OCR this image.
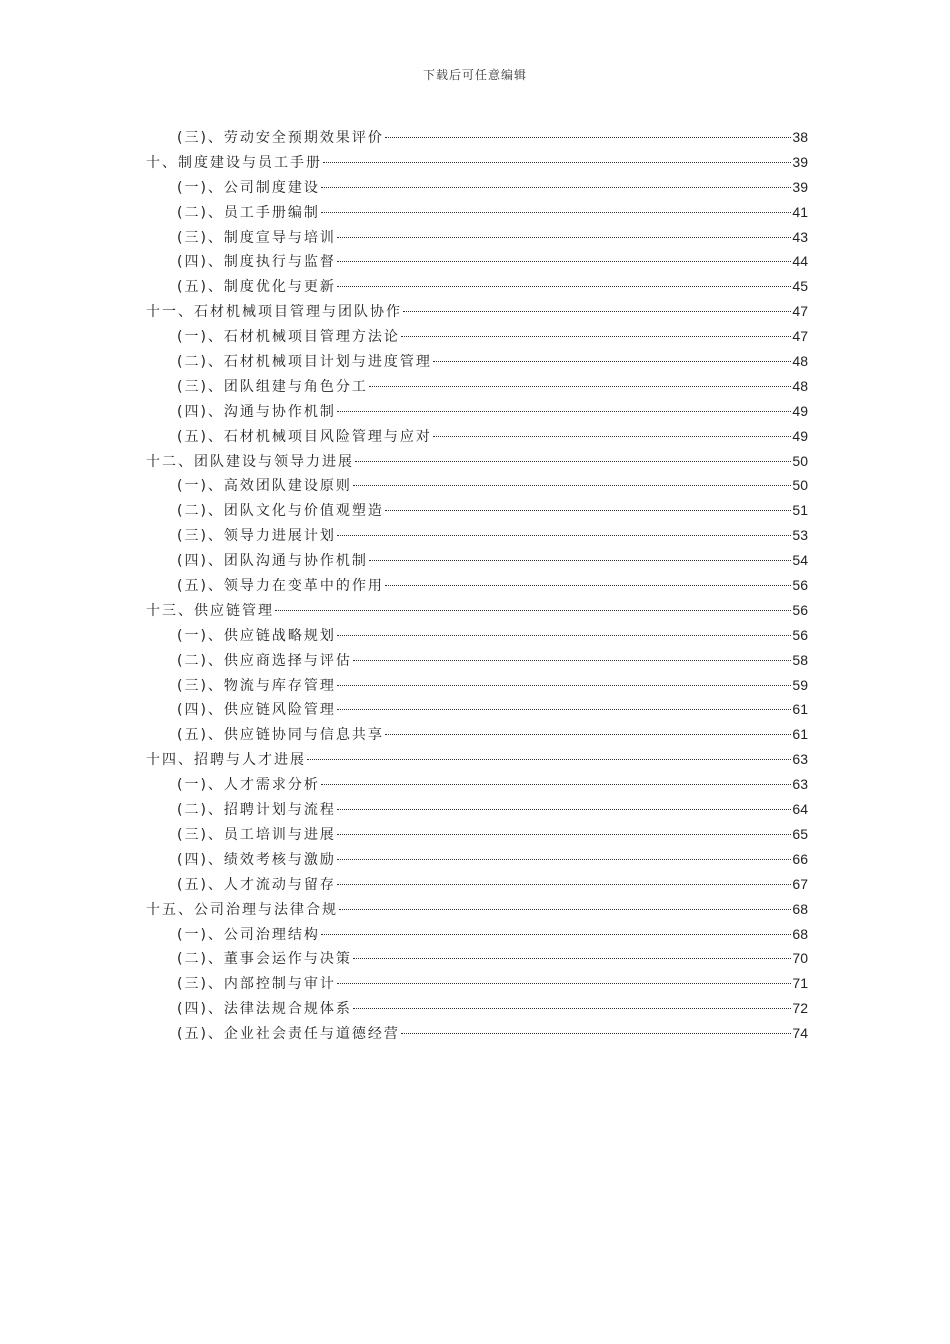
下载后可任意编辑
(三)、劳动安全预期效果评价	38
十、制度建设与员工手册	39
(一)、公司制度建设	39
(二)、员工手册编制	41
(三)、制度宣导与培训	43
(四)、制度执行与监督	44
(五)、制度优化与更新	45
十一、石材机械项目管理与团队协作	47
(一)、石材机械项目管理方法论	47
(二)、石材机械项目计划与进度管理	48
(三)、团队组建与角色分工	48
(四)、沟通与协作机制	49
(五)、石材机械项目风险管理与应对	49
十二、团队建设与领导力进展	50
(一)、高效团队建设原则	50
(二)、团队文化与价值观塑造	51
(三)、领导力进展计划	53
(四)、团队沟通与协作机制	54
(五)、领导力在变革中的作用	56
十三、供应链管理	56
(一)、供应链战略规划	56
(二)、供应商选择与评估	58
(三)、物流与库存管理	59
(四)、供应链风险管理	61
(五)、供应链协同与信息共享	61
十四、招聘与人才进展	63
(一)、人才需求分析	63
(二)、招聘计划与流程	64
(三)、员工培训与进展	65
(四)、绩效考核与激励	66
(五)、人才流动与留存	67
十五、公司治理与法律合规	68
(一)、公司治理结构	68
(二)、董事会运作与决策	70
(三)、内部控制与审计	71
(四)、法律法规合规体系	72
(五)、企业社会责任与道德经营	74
